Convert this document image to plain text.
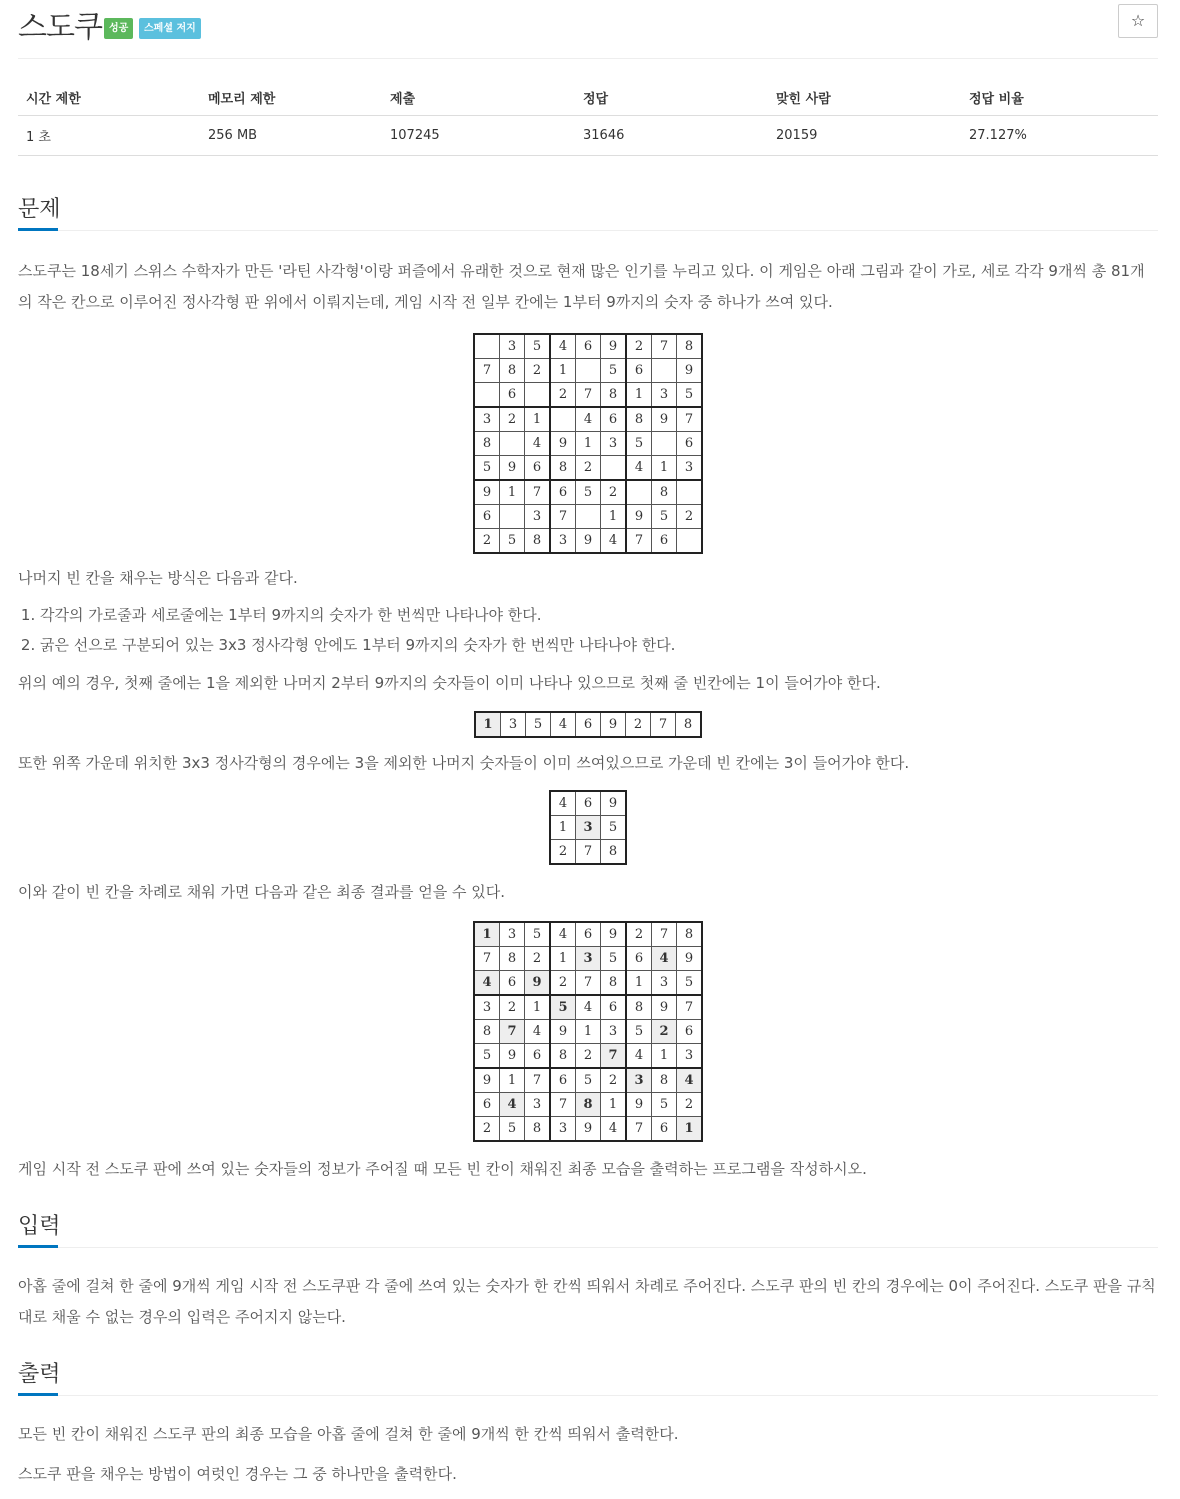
스도쿠 성공	스페셜 저지	☆
시간 제한	메모리 제한	제출	정답	맞힌 사람	정답 비율
1 초	256 MB	107245	31646	20159	27.127%
문제

스도쿠는 18세기 스위스 수학자가 만든 '라틴 사각형'이랑 퍼즐에서 유래한 것으로 현재 많은 인기를 누리고 있다. 이 게임은 아래 그림과 같이 가로, 세로 각각 9개씩 총 81개의 작은 칸으로 이루어진 정사각형 판 위에서 이뤄지는데, 게임 시작 전 일부 칸에는 1부터 9까지의 숫자 중 하나가 쓰여 있다.

	3	5	4	6	9	2	7	8
7	8	2	1		5	6		9
	6		2	7	8	1	3	5
3	2	1		4	6	8	9	7
8		4	9	1	3	5		6
5	9	6	8	2		4	1	3
9	1	7	6	5	2		8	
6		3	7		1	9	5	2
2	5	8	3	9	4	7	6	

나머지 빈 칸을 채우는 방식은 다음과 같다.

1. 각각의 가로줄과 세로줄에는 1부터 9까지의 숫자가 한 번씩만 나타나야 한다.
2. 굵은 선으로 구분되어 있는 3x3 정사각형 안에도 1부터 9까지의 숫자가 한 번씩만 나타나야 한다.

위의 예의 경우, 첫째 줄에는 1을 제외한 나머지 2부터 9까지의 숫자들이 이미 나타나 있으므로 첫째 줄 빈칸에는 1이 들어가야 한다.

1	3	5	4	6	9	2	7	8

또한 위쪽 가운데 위치한 3x3 정사각형의 경우에는 3을 제외한 나머지 숫자들이 이미 쓰여있으므로 가운데 빈 칸에는 3이 들어가야 한다.

4	6	9
1	3	5
2	7	8

이와 같이 빈 칸을 차례로 채워 가면 다음과 같은 최종 결과를 얻을 수 있다.

1	3	5	4	6	9	2	7	8
7	8	2	1	3	5	6	4	9
4	6	9	2	7	8	1	3	5
3	2	1	5	4	6	8	9	7
8	7	4	9	1	3	5	2	6
5	9	6	8	2	7	4	1	3
9	1	7	6	5	2	3	8	4
6	4	3	7	8	1	9	5	2
2	5	8	3	9	4	7	6	1

게임 시작 전 스도쿠 판에 쓰여 있는 숫자들의 정보가 주어질 때 모든 빈 칸이 채워진 최종 모습을 출력하는 프로그램을 작성하시오.

입력

아홉 줄에 걸쳐 한 줄에 9개씩 게임 시작 전 스도쿠판 각 줄에 쓰여 있는 숫자가 한 칸씩 띄워서 차례로 주어진다. 스도쿠 판의 빈 칸의 경우에는 0이 주어진다. 스도쿠 판을 규칙대로 채울 수 없는 경우의 입력은 주어지지 않는다.

출력

모든 빈 칸이 채워진 스도쿠 판의 최종 모습을 아홉 줄에 걸쳐 한 줄에 9개씩 한 칸씩 띄워서 출력한다.

스도쿠 판을 채우는 방법이 여럿인 경우는 그 중 하나만을 출력한다.
